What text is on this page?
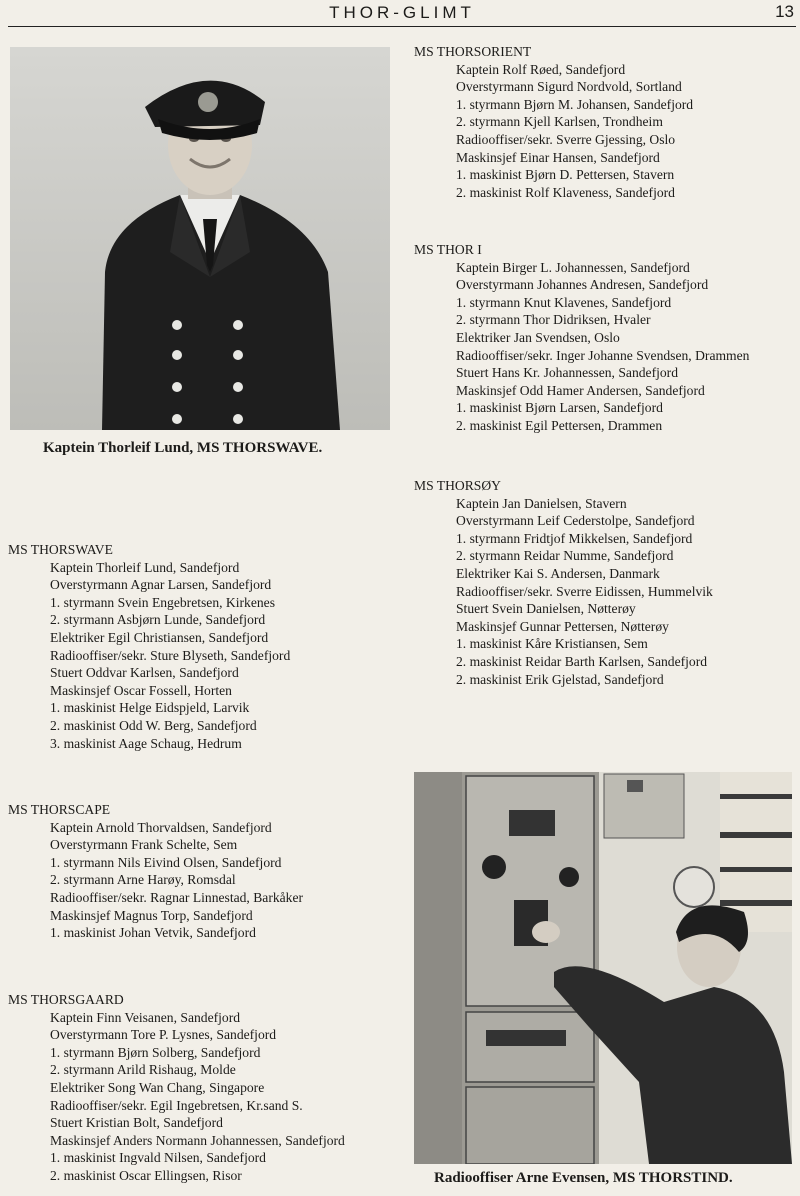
THOR-GLIMT	13
Kaptein Thorleif Lund, MS THORSWAVE.
Radiooffiser Arne Evensen, MS THORSTIND.

MS THORSORIENT

Kaptein Rolf Røed, Sandefjord
Overstyrmann Sigurd Nordvold, Sortland
1. styrmann Bjørn M. Johansen, Sandefjord
2. styrmann Kjell Karlsen, Trondheim
Radiooffiser/sekr. Sverre Gjessing, Oslo
Maskinsjef Einar Hansen, Sandefjord
1. maskinist Bjørn D. Pettersen, Stavern
2. maskinist Rolf Klaveness, Sandefjord

MS THOR I

Kaptein Birger L. Johannessen, Sandefjord
Overstyrmann Johannes Andresen, Sandefjord
1. styrmann Knut Klavenes, Sandefjord
2. styrmann Thor Didriksen, Hvaler
Elektriker Jan Svendsen, Oslo
Radiooffiser/sekr. Inger Johanne Svendsen, Drammen
Stuert Hans Kr. Johannessen, Sandefjord
Maskinsjef Odd Hamer Andersen, Sandefjord
1. maskinist Bjørn Larsen, Sandefjord
2. maskinist Egil Pettersen, Drammen

MS THORSØY

Kaptein Jan Danielsen, Stavern
Overstyrmann Leif Cederstolpe, Sandefjord
1. styrmann Fridtjof Mikkelsen, Sandefjord
2. styrmann Reidar Numme, Sandefjord
Elektriker Kai S. Andersen, Danmark
Radiooffiser/sekr. Sverre Eidissen, Hummelvik
Stuert Svein Danielsen, Nøtterøy
Maskinsjef Gunnar Pettersen, Nøtterøy
1. maskinist Kåre Kristiansen, Sem
2. maskinist Reidar Barth Karlsen, Sandefjord
2. maskinist Erik Gjelstad, Sandefjord

MS THORSWAVE

Kaptein Thorleif Lund, Sandefjord
Overstyrmann Agnar Larsen, Sandefjord
1. styrmann Svein Engebretsen, Kirkenes
2. styrmann Asbjørn Lunde, Sandefjord
Elektriker Egil Christiansen, Sandefjord
Radiooffiser/sekr. Sture Blyseth, Sandefjord
Stuert Oddvar Karlsen, Sandefjord
Maskinsjef Oscar Fossell, Horten
1. maskinist Helge Eidspjeld, Larvik
2. maskinist Odd W. Berg, Sandefjord
3. maskinist Aage Schaug, Hedrum

MS THORSCAPE

Kaptein Arnold Thorvaldsen, Sandefjord
Overstyrmann Frank Schelte, Sem
1. styrmann Nils Eivind Olsen, Sandefjord
2. styrmann Arne Harøy, Romsdal
Radiooffiser/sekr. Ragnar Linnestad, Barkåker
Maskinsjef Magnus Torp, Sandefjord
1. maskinist Johan Vetvik, Sandefjord

MS THORSGAARD

Kaptein Finn Veisanen, Sandefjord
Overstyrmann Tore P. Lysnes, Sandefjord
1. styrmann Bjørn Solberg, Sandefjord
2. styrmann Arild Rishaug, Molde
Elektriker Song Wan Chang, Singapore
Radiooffiser/sekr. Egil Ingebretsen, Kr.sand S.
Stuert Kristian Bolt, Sandefjord
Maskinsjef Anders Normann Johannessen, Sandefjord
1. maskinist Ingvald Nilsen, Sandefjord
2. maskinist Oscar Ellingsen, Risor
